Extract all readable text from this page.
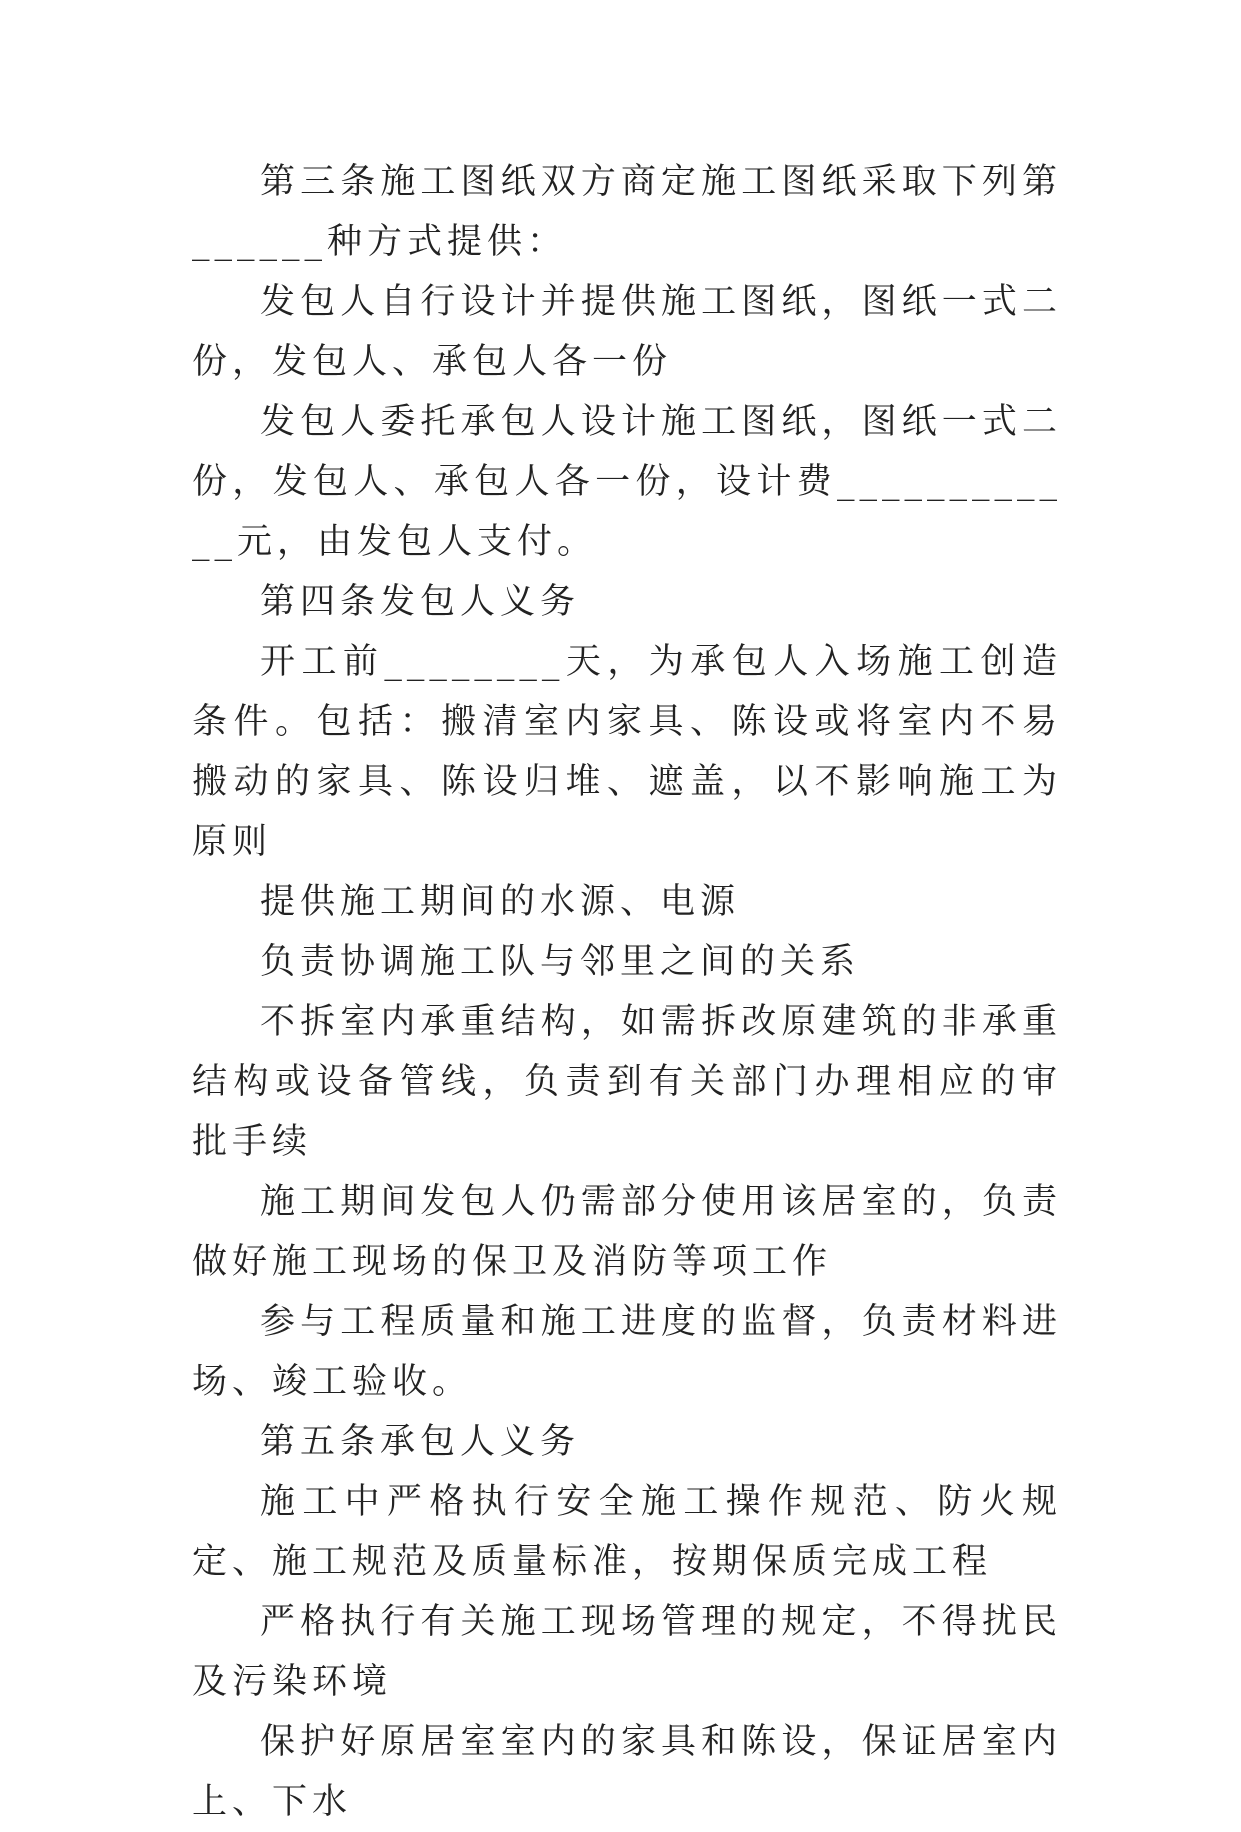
第三条施工图纸双方商定施工图纸采取下列第______种方式提供：

发包人自行设计并提供施工图纸，图纸一式二份，发包人、承包人各一份

发包人委托承包人设计施工图纸，图纸一式二份，发包人、承包人各一份，设计费____________元，由发包人支付。

第四条发包人义务

开工前________天，为承包人入场施工创造条件。包括：搬清室内家具、陈设或将室内不易搬动的家具、陈设归堆、遮盖，以不影响施工为原则

提供施工期间的水源、电源

负责协调施工队与邻里之间的关系

不拆室内承重结构，如需拆改原建筑的非承重结构或设备管线，负责到有关部门办理相应的审批手续

施工期间发包人仍需部分使用该居室的，负责做好施工现场的保卫及消防等项工作

参与工程质量和施工进度的监督，负责材料进场、竣工验收。

第五条承包人义务

施工中严格执行安全施工操作规范、防火规定、施工规范及质量标准，按期保质完成工程

严格执行有关施工现场管理的规定，不得扰民及污染环境

保护好原居室室内的家具和陈设，保证居室内上、下水
